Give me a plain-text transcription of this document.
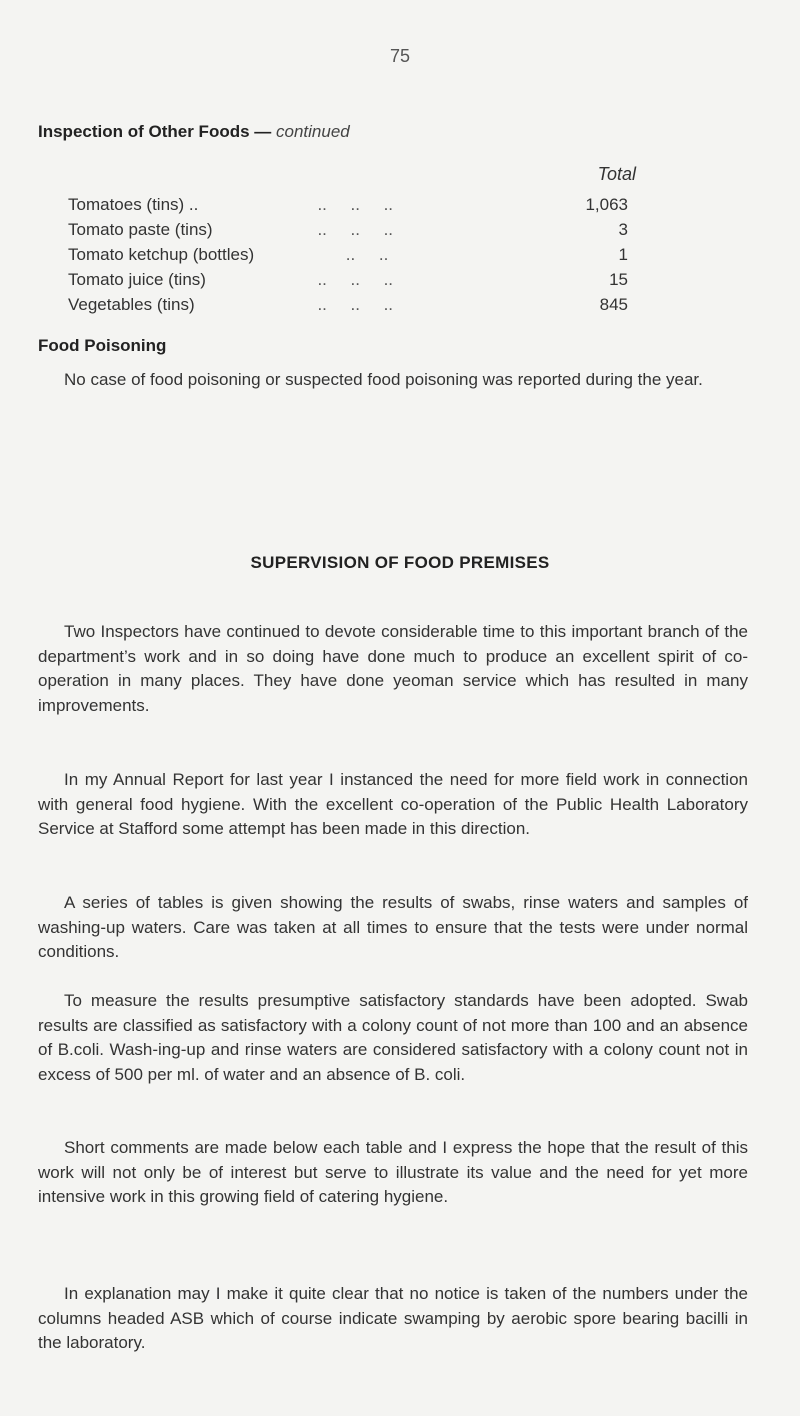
75
Inspection of Other Foods — continued
Total
Tomatoes (tins) ..	..     ..     ..	1,063
Tomato paste (tins)	..     ..     ..	3
Tomato ketchup (bottles)	..     ..	1
Tomato juice (tins)	..     ..     ..	15
Vegetables (tins)	..     ..     ..	845
Food Poisoning

No case of food poisoning or suspected food poisoning was reported during the year.

SUPERVISION OF FOOD PREMISES

Two Inspectors have continued to devote considerable time to this important branch of the department’s work and in so doing have done much to produce an excellent spirit of co-operation in many places. They have done yeoman service which has resulted in many improvements.

In my Annual Report for last year I instanced the need for more field work in connection with general food hygiene. With the excellent co-operation of the Public Health Laboratory Service at Stafford some attempt has been made in this direction.

A series of tables is given showing the results of swabs, rinse waters and samples of washing-up waters. Care was taken at all times to ensure that the tests were under normal conditions.

To measure the results presumptive satisfactory standards have been adopted. Swab results are classified as satisfactory with a colony count of not more than 100 and an absence of B.coli. Wash-ing-up and rinse waters are considered satisfactory with a colony count not in excess of 500 per ml. of water and an absence of B. coli.

Short comments are made below each table and I express the hope that the result of this work will not only be of interest but serve to illustrate its value and the need for yet more intensive work in this growing field of catering hygiene.

In explanation may I make it quite clear that no notice is taken of the numbers under the columns headed ASB which of course indicate swamping by aerobic spore bearing bacilli in the laboratory.
